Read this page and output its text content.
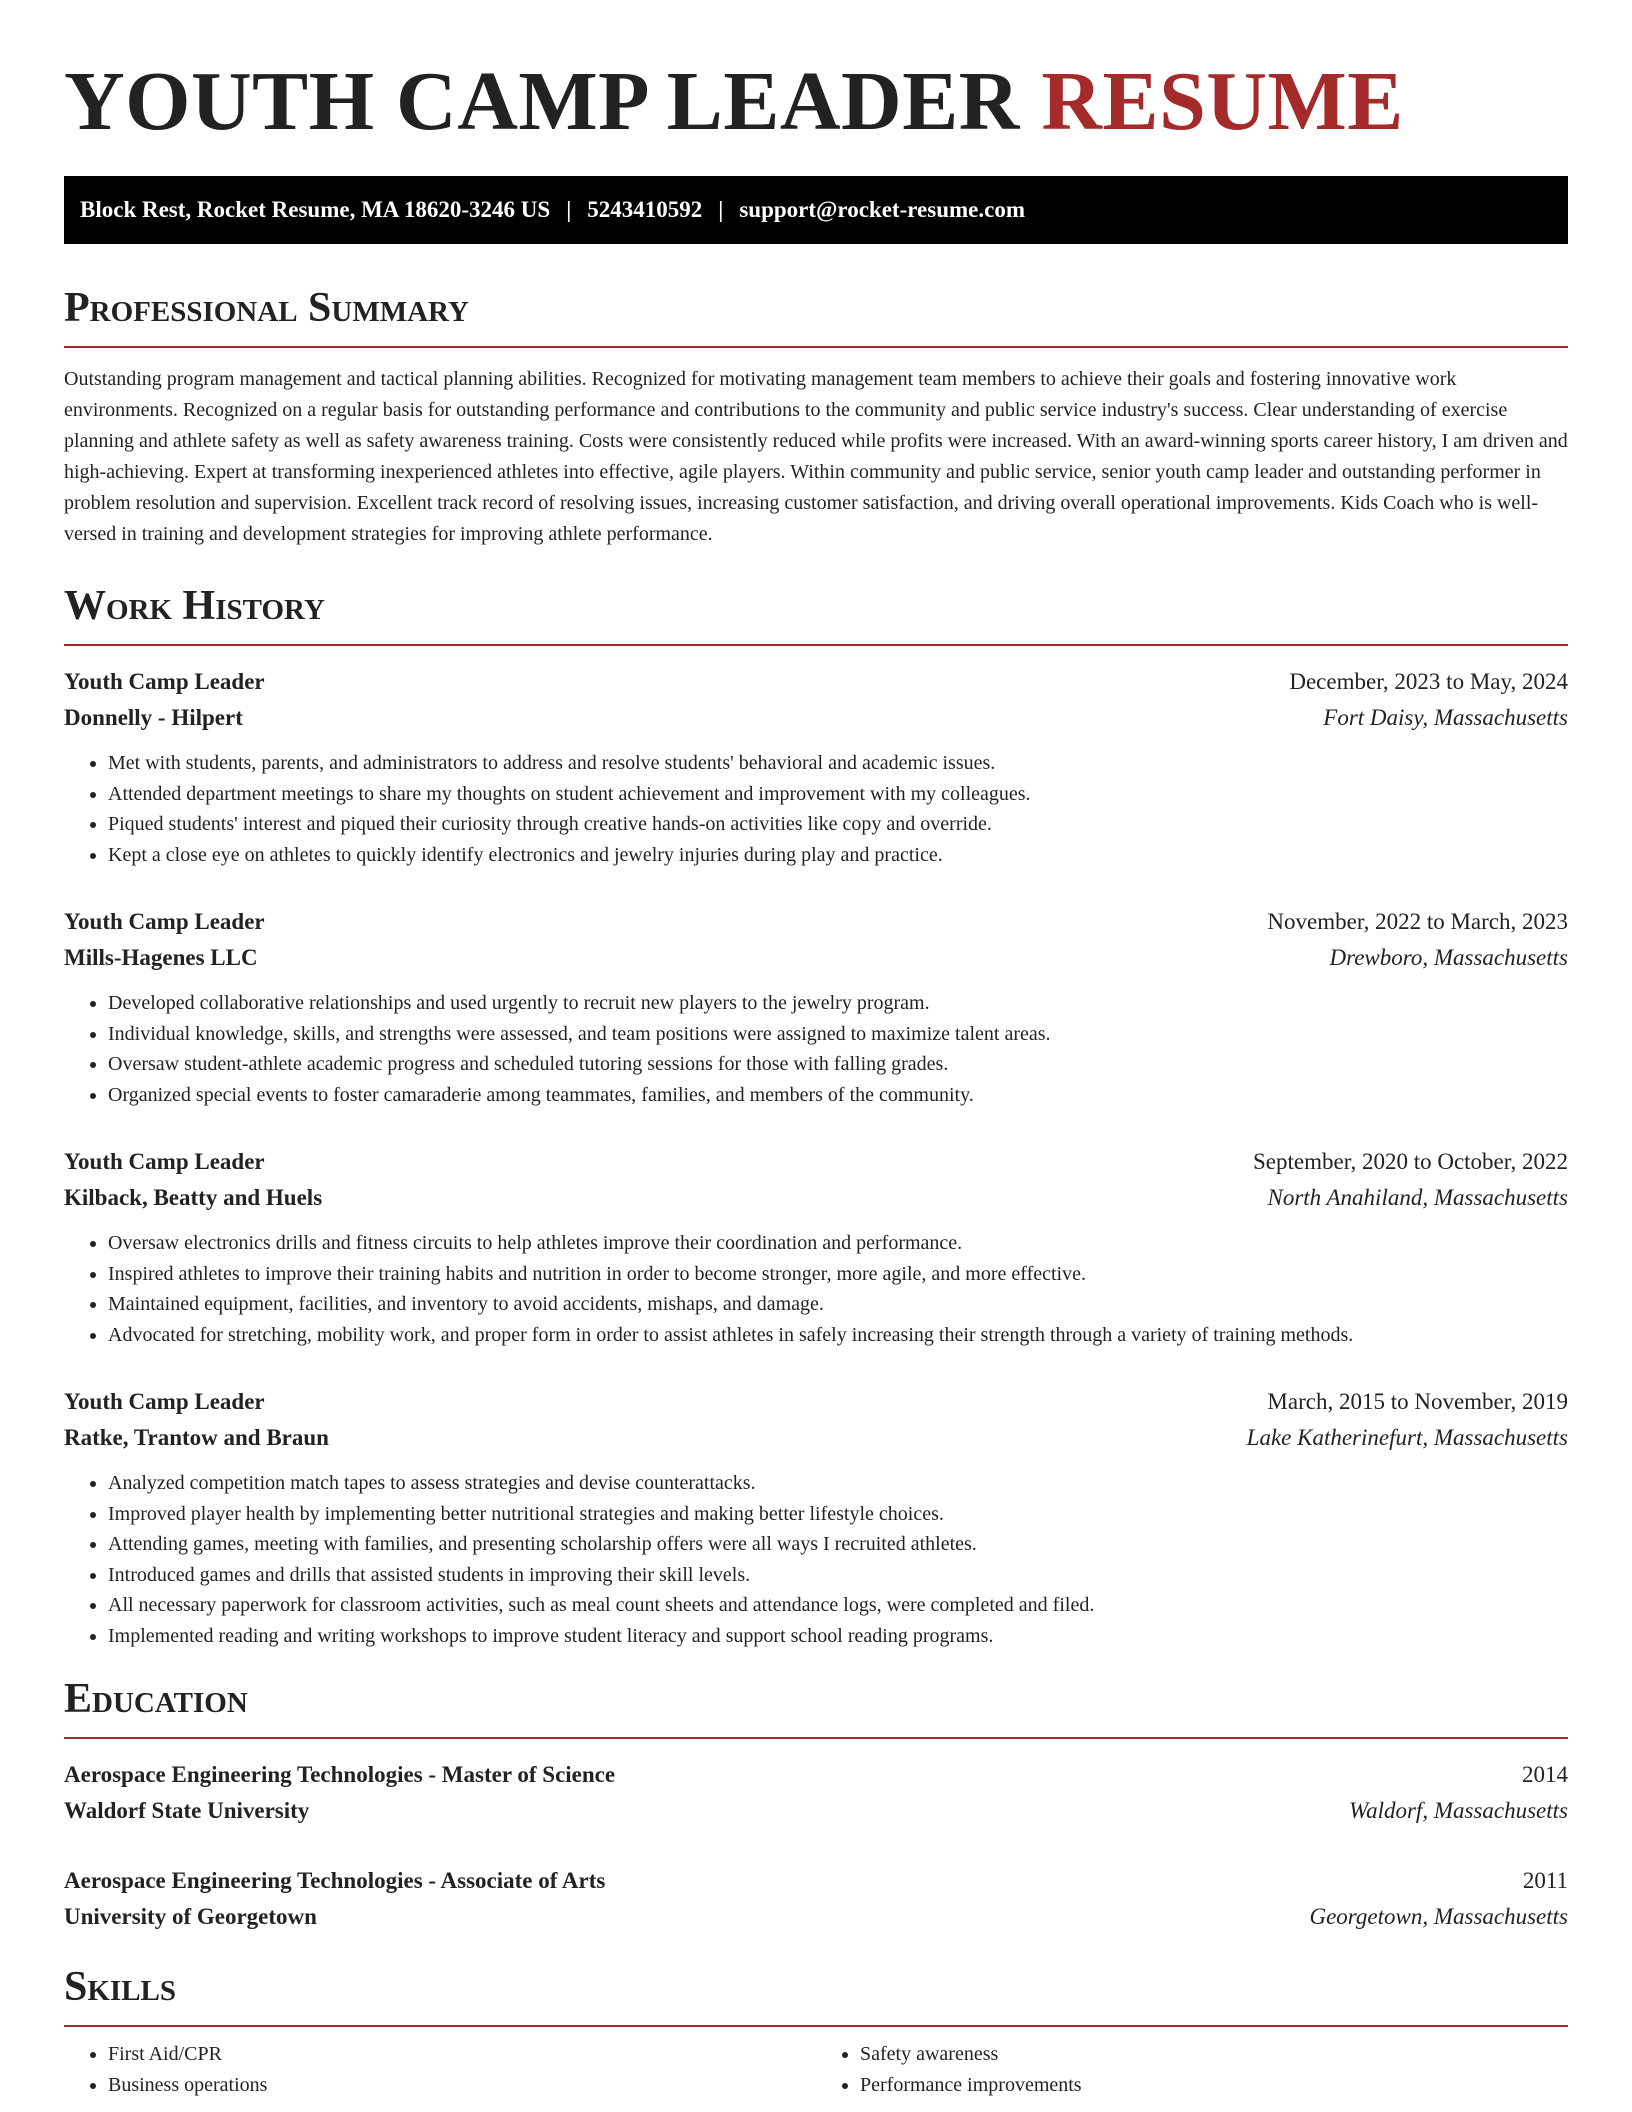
YOUTH CAMP LEADER RESUME
Block Rest, Rocket Resume, MA 18620-3246 US | 5243410592 | support@rocket-resume.com
Professional Summary

Outstanding program management and tactical planning abilities. Recognized for motivating management team members to achieve their goals and fostering innovative work environments. Recognized on a regular basis for outstanding performance and contributions to the community and public service industry's success. Clear understanding of exercise planning and athlete safety as well as safety awareness training. Costs were consistently reduced while profits were increased. With an award-winning sports career history, I am driven and high-achieving. Expert at transforming inexperienced athletes into effective, agile players. Within community and public service, senior youth camp leader and outstanding performer in problem resolution and supervision. Excellent track record of resolving issues, increasing customer satisfaction, and driving overall operational improvements. Kids Coach who is well-versed in training and development strategies for improving athlete performance.

Work History
Youth Camp Leader	December, 2023 to May, 2024
Donnelly - Hilpert	Fort Daisy, Massachusetts
• Met with students, parents, and administrators to address and resolve students' behavioral and academic issues.
• Attended department meetings to share my thoughts on student achievement and improvement with my colleagues.
• Piqued students' interest and piqued their curiosity through creative hands-on activities like copy and override.
• Kept a close eye on athletes to quickly identify electronics and jewelry injuries during play and practice.
Youth Camp Leader	November, 2022 to March, 2023
Mills-Hagenes LLC	Drewboro, Massachusetts
• Developed collaborative relationships and used urgently to recruit new players to the jewelry program.
• Individual knowledge, skills, and strengths were assessed, and team positions were assigned to maximize talent areas.
• Oversaw student-athlete academic progress and scheduled tutoring sessions for those with falling grades.
• Organized special events to foster camaraderie among teammates, families, and members of the community.
Youth Camp Leader	September, 2020 to October, 2022
Kilback, Beatty and Huels	North Anahiland, Massachusetts
• Oversaw electronics drills and fitness circuits to help athletes improve their coordination and performance.
• Inspired athletes to improve their training habits and nutrition in order to become stronger, more agile, and more effective.
• Maintained equipment, facilities, and inventory to avoid accidents, mishaps, and damage.
• Advocated for stretching, mobility work, and proper form in order to assist athletes in safely increasing their strength through a variety of training methods.
Youth Camp Leader	March, 2015 to November, 2019
Ratke, Trantow and Braun	Lake Katherinefurt, Massachusetts
• Analyzed competition match tapes to assess strategies and devise counterattacks.
• Improved player health by implementing better nutritional strategies and making better lifestyle choices.
• Attending games, meeting with families, and presenting scholarship offers were all ways I recruited athletes.
• Introduced games and drills that assisted students in improving their skill levels.
• All necessary paperwork for classroom activities, such as meal count sheets and attendance logs, were completed and filed.
• Implemented reading and writing workshops to improve student literacy and support school reading programs.
Education
Aerospace Engineering Technologies - Master of Science	2014
Waldorf State University	Waldorf, Massachusetts
Aerospace Engineering Technologies - Associate of Arts	2011
University of Georgetown	Georgetown, Massachusetts
Skills
• First Aid/CPR
• Business operations
• Safety awareness
• Performance improvements
